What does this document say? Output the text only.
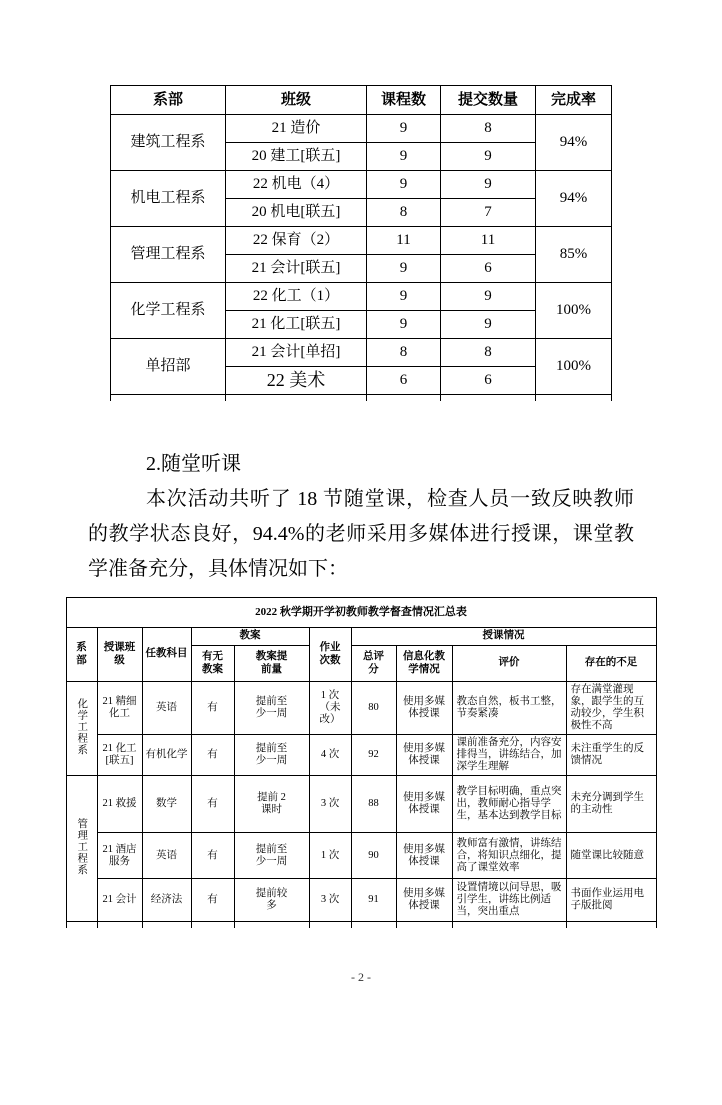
系部	班级	课程数	提交数量	完成率
建筑工程系	21 造价	9	8	94%
	20 建工[联五]	9	9	
机电工程系	22 机电（4）	9	9	94%
	20 机电[联五]	8	7	
管理工程系	22 保育（2）	11	11	85%
	21 会计[联五]	9	6	
化学工程系	22 化工（1）	9	9	100%
	21 化工[联五]	9	9	
单招部	21 会计[单招]	8	8	100%
	22 美术	6	6	

2.随堂听课
本次活动共听了 18 节随堂课，检查人员一致反映教师的教学状态良好，94.4%的老师采用多媒体进行授课，课堂教学准备充分，具体情况如下：
2022 秋学期开学初教师教学督查情况汇总表									
系部	授课班级	任教科目	教案		作业次数	授课情况			
			有无教案	教案提前量		总评分	信息化教学情况	评价	存在的不足
化学工程系	21 精细化工	英语	有	提前至少一周	1 次（未改）	80	使用多媒体授课	教态自然，板书工整，节奏紧凑	存在满堂灌现象，跟学生的互动较少，学生积极性不高
	21 化工[联五]	有机化学	有	提前至少一周	4 次	92	使用多媒体授课	课前准备充分，内容安排得当，讲练结合，加深学生理解	未注重学生的反馈情况
管理工程系	21 救援	数学	有	提前 2 课时	3 次	88	使用多媒体授课	教学目标明确，重点突出，教师耐心指导学生，基本达到教学目标	未充分调到学生的主动性
	21 酒店服务	英语	有	提前至少一周	1 次	90	使用多媒体授课	教师富有激情，讲练结合，将知识点细化，提高了课堂效率	随堂课比较随意
	21 会计	经济法	有	提前较多	3 次	91	使用多媒体授课	设置情境以问导思，吸引学生，讲练比例适当，突出重点	书面作业运用电子版批阅

- 2 -
